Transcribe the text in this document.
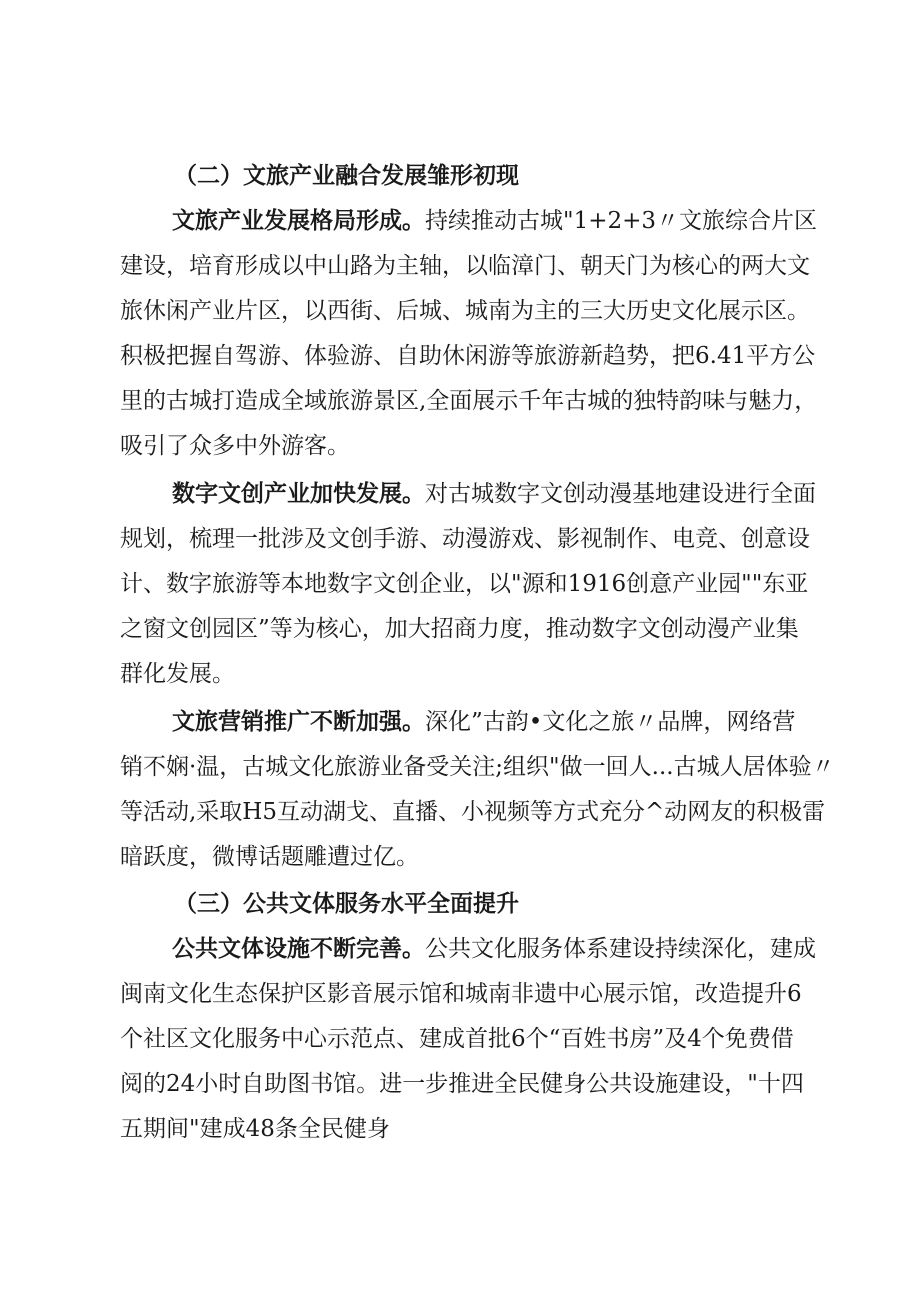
（二）文旅产业融合发展雏形初现
文旅产业发展格局形成。持续推动古城"1+2+3〃文旅综合片区
建设，培育形成以中山路为主轴，以临漳门、朝天门为核心的两大文
旅休闲产业片区，以西街、后城、城南为主的三大历史文化展示区。
积极把握自驾游、体验游、自助休闲游等旅游新趋势，把6.41平方公
里的古城打造成全域旅游景区,全面展示千年古城的独特韵味与魅力，
吸引了众多中外游客。
数字文创产业加快发展。对古城数字文创动漫基地建设进行全面
规划，梳理一批涉及文创手游、动漫游戏、影视制作、电竞、创意设
计、数字旅游等本地数字文创企业，以"源和1916创意产业园""东亚
之窗文创园区”等为核心，加大招商力度，推动数字文创动漫产业集
群化发展。
文旅营销推广不断加强。深化”古韵•文化之旅〃品牌，网络营
销不娴·温，古城文化旅游业备受关注;组织"做一回人...古城人居体验〃
等活动,采取H5互动湖戈、直播、小视频等方式充分^动网友的积极雷
暗跃度，微博话题雕遭过亿。
（三）公共文体服务水平全面提升
公共文体设施不断完善。公共文化服务体系建设持续深化，建成
闽南文化生态保护区影音展示馆和城南非遗中心展示馆，改造提升6
个社区文化服务中心示范点、建成首批6个“百姓书房”及4个免费借
阅的24小时自助图书馆。进一步推进全民健身公共设施建设，"十四
五期间"建成48条全民健身
